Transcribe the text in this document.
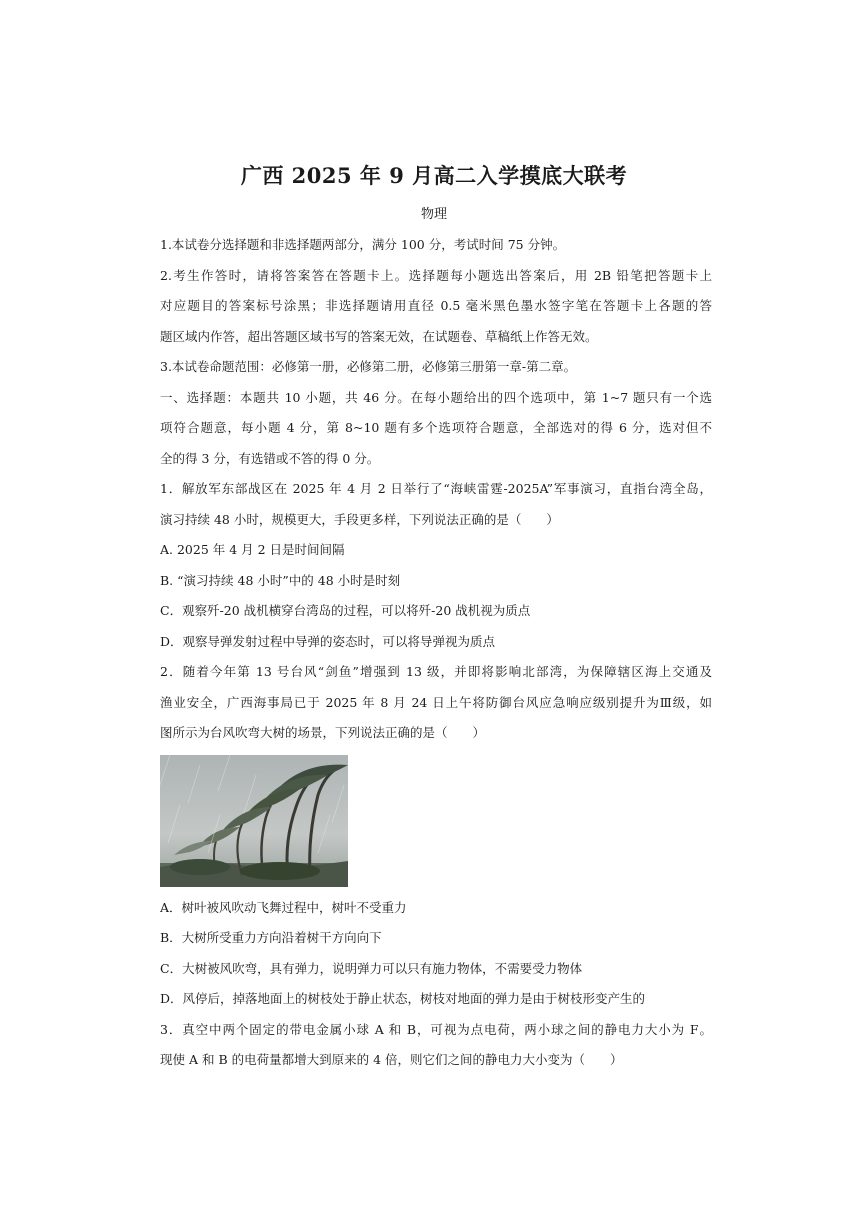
广西 2025 年 9 月高二入学摸底大联考
物理
1.本试卷分选择题和非选择题两部分，满分 100 分，考试时间 75 分钟。
2.考生作答时，请将答案答在答题卡上。选择题每小题选出答案后，用 2B 铅笔把答题卡上
对应题目的答案标号涂黑；非选择题请用直径 0.5 毫米黑色墨水签字笔在答题卡上各题的答
题区域内作答，超出答题区域书写的答案无效，在试题卷、草稿纸上作答无效。
3.本试卷命题范围：必修第一册，必修第二册，必修第三册第一章-第二章。
一、选择题：本题共 10 小题，共 46 分。在每小题给出的四个选项中，第 1~7 题只有一个选
项符合题意，每小题 4 分，第 8~10 题有多个选项符合题意，全部选对的得 6 分，选对但不
全的得 3 分，有选错或不答的得 0 分。
1．解放军东部战区在 2025 年 4 月 2 日举行了“海峡雷霆-2025A”军事演习，直指台湾全岛，
演习持续 48 小时，规模更大，手段更多样，下列说法正确的是（　　）
A. 2025 年 4 月 2 日是时间间隔
B. “演习持续 48 小时”中的 48 小时是时刻
C．观察歼-20 战机横穿台湾岛的过程，可以将歼-20 战机视为质点
D．观察导弹发射过程中导弹的姿态时，可以将导弹视为质点
2．随着今年第 13 号台风“剑鱼”增强到 13 级，并即将影响北部湾，为保障辖区海上交通及
渔业安全，广西海事局已于 2025 年 8 月 24 日上午将防御台风应急响应级别提升为Ⅲ级，如
图所示为台风吹弯大树的场景，下列说法正确的是（　　）
A．树叶被风吹动飞舞过程中，树叶不受重力
B．大树所受重力方向沿着树干方向向下
C．大树被风吹弯，具有弹力，说明弹力可以只有施力物体，不需要受力物体
D．风停后，掉落地面上的树枝处于静止状态，树枝对地面的弹力是由于树枝形变产生的
3．真空中两个固定的带电金属小球 A 和 B，可视为点电荷，两小球之间的静电力大小为 F。
现使 A 和 B 的电荷量都增大到原来的 4 倍，则它们之间的静电力大小变为（　　）
